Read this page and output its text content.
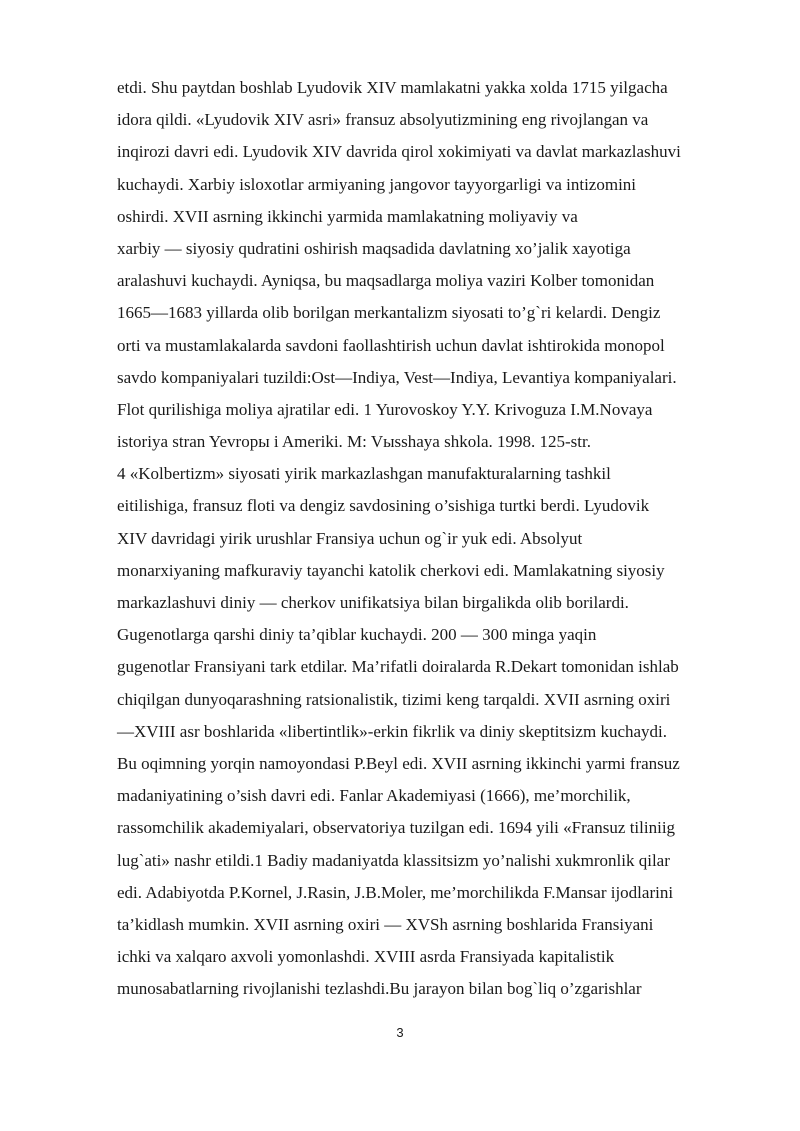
etdi. Shu paytdan boshlab Lyudovik XIV mamlakatni yakka xolda 1715 yilgacha
idora qildi. «Lyudovik XIV asri» fransuz absolyutizmining eng rivojlangan va
inqirozi davri edi. Lyudovik XIV davrida qirol xokimiyati va davlat markazlashuvi
kuchaydi. Xarbiy isloxotlar armiyaning jangovor tayyorgarligi va intizomini
oshirdi. XVII asrning ikkinchi yarmida mamlakatning moliyaviy va
xarbiy — siyosiy qudratini oshirish maqsadida davlatning xo’jalik xayotiga
aralashuvi kuchaydi. Ayniqsa, bu maqsadlarga moliya vaziri Kolber tomonidan
1665—1683 yillarda olib borilgan merkantalizm siyosati to’g`ri kelardi. Dengiz
orti va mustamlakalarda savdoni faollashtirish uchun davlat ishtirokida monopol
savdo kompaniyalari tuzildi:Ost—Indiya, Vest—Indiya, Levantiya kompaniyalari.
Flot qurilishiga moliya ajratilar edi. 1 Yurovoskoy Y.Y. Krivoguza I.M.Novaya
istoriya stran Yevropы i Ameriki. M: Vыsshaya shkola. 1998. 125-str.
4 «Kolbertizm» siyosati yirik markazlashgan manufakturalarning tashkil
eitilishiga, fransuz floti va dengiz savdosining o’sishiga turtki berdi. Lyudovik
XIV davridagi yirik urushlar Fransiya uchun og`ir yuk edi. Absolyut
monarxiyaning mafkuraviy tayanchi katolik cherkovi edi. Mamlakatning siyosiy
markazlashuvi diniy — cherkov unifikatsiya bilan birgalikda olib borilardi.
Gugenotlarga qarshi diniy ta’qiblar kuchaydi. 200 — 300 minga yaqin
gugenotlar Fransiyani tark etdilar. Ma’rifatli doiralarda R.Dekart tomonidan ishlab
chiqilgan dunyoqarashning ratsionalistik, tizimi keng tarqaldi. XVII asrning oxiri
—XVIII asr boshlarida «libertintlik»-erkin fikrlik va diniy skeptitsizm kuchaydi.
Bu oqimning yorqin namoyondasi P.Beyl edi. XVII asrning ikkinchi yarmi fransuz
madaniyatining o’sish davri edi. Fanlar Akademiyasi (1666), me’morchilik,
rassomchilik akademiyalari, observatoriya tuzilgan edi. 1694 yili «Fransuz tiliniig
lug`ati» nashr etildi.1 Badiy madaniyatda klassitsizm yo’nalishi xukmronlik qilar
edi. Adabiyotda P.Kornel, J.Rasin, J.B.Moler, me’morchilikda F.Mansar ijodlarini
ta’kidlash mumkin. XVII asrning oxiri — XVSh asrning boshlarida Fransiyani
ichki va xalqaro axvoli yomonlashdi. XVIII asrda Fransiyada kapitalistik
munosabatlarning rivojlanishi tezlashdi.Bu jarayon bilan bog`liq o’zgarishlar
3
